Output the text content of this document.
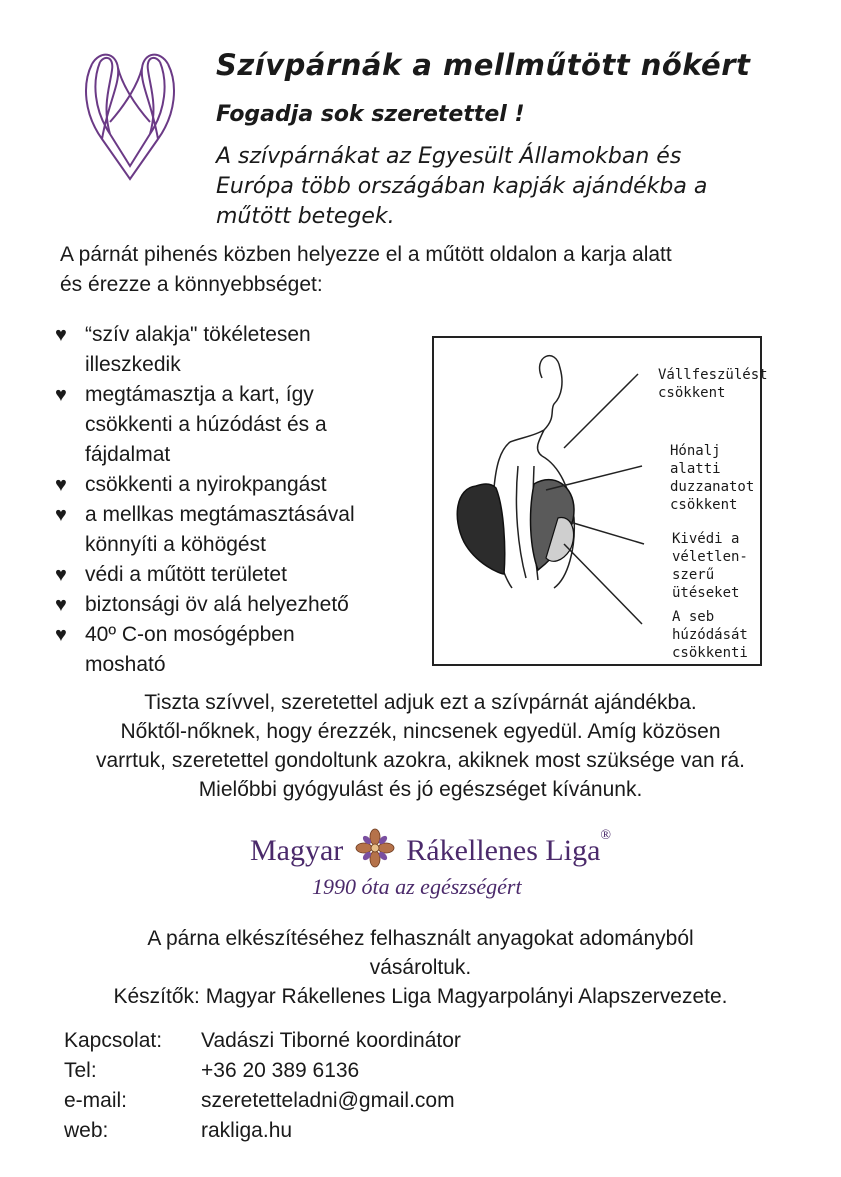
Szívpárnák a mellműtött nőkért
Fogadja sok szeretettel !
A szívpárnákat az Egyesült Államokban és
Európa több országában kapják ajándékba a
műtött betegek.
A párnát pihenés közben helyezze el a műtött oldalon a karja alatt
és érezze a könnyebbséget:
♥ “szív alakja" tökéletesen
illeszkedik
♥ megtámasztja a kart, így
csökkenti a húzódást és a
fájdalmat
♥ csökkenti a nyirokpangást
♥ a mellkas megtámasztásával
könnyíti a köhögést
♥ védi a műtött területet
♥ biztonsági öv alá helyezhető
♥ 40º C-on mosógépben
mosható
Vállfeszülést
csökkent
Hónalj
alatti
duzzanatot
csökkent
Kivédi a
véletlen-
szerű
ütéseket
A seb
húzódását
csökkenti
Tiszta szívvel, szeretettel adjuk ezt a szívpárnát ajándékba.
Nőktől-nőknek, hogy érezzék, nincsenek egyedül. Amíg közösen
varrtuk, szeretettel gondoltunk azokra, akiknek most szüksége van rá.
Mielőbbi gyógyulást és jó egészséget kívánunk.
Magyar Rákellenes Liga®
1990 óta az egészségért
A párna elkészítéséhez felhasznált anyagokat adományból
vásároltuk.
Készítők: Magyar Rákellenes Liga Magyarpolányi Alapszervezete.
Kapcsolat:	Vadászi Tiborné koordinátor
Tel:	+36 20 389 6136
e-mail:	szeretetteladni@gmail.com
web:	rakliga.hu
